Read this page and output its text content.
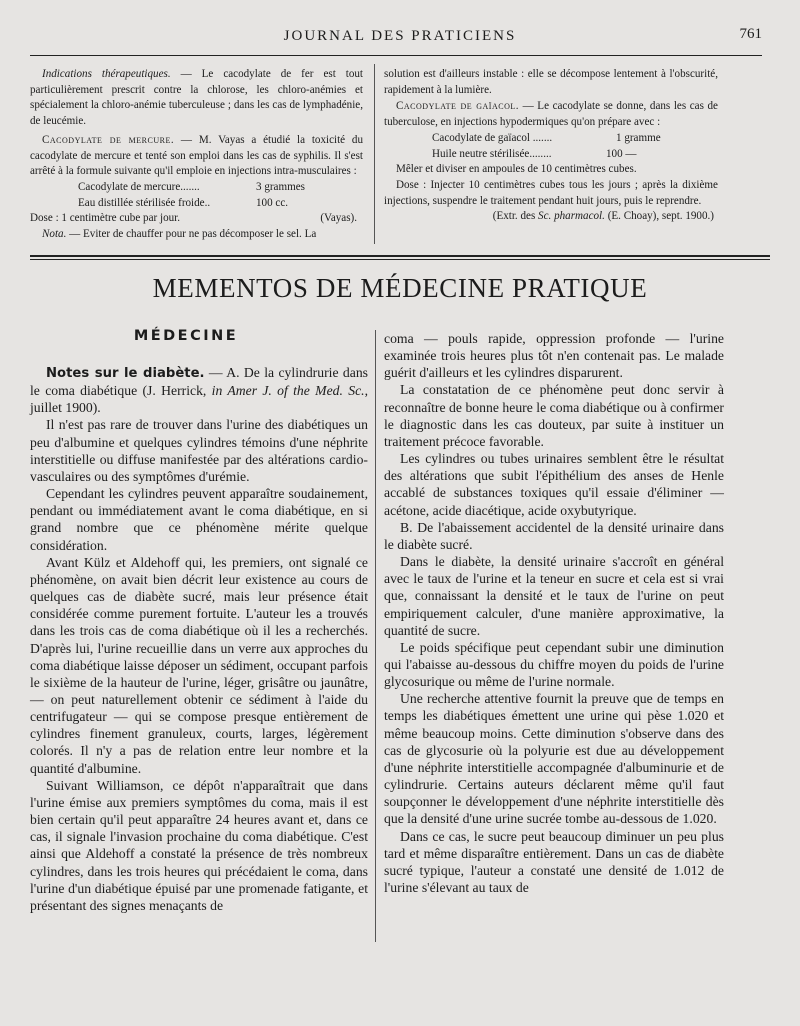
JOURNAL DES PRATICIENS	761

Indications thérapeutiques. — Le cacodylate de fer est tout particulièrement prescrit contre la chlorose, les chloro-anémies et spécialement la chloro-anémie tuberculeuse ; dans les cas de lymphadénie, de leucémie.

Cacodylate de mercure. — M. Vayas a étudié la toxicité du cacodylate de mercure et tenté son emploi dans les cas de syphilis. Il s'est arrêté à la formule suivante qu'il emploie en injections intra-musculaires :

Cacodylate de mercure.......	3 grammes
Eau distillée stérilisée froide..	100 cc.
Dose : 1 centimètre cube par jour.	(Vayas).

Nota. — Eviter de chauffer pour ne pas décomposer le sel. La

solution est d'ailleurs instable : elle se décompose lentement à l'obscurité, rapidement à la lumière.

Cacodylate de gaïacol. — Le cacodylate se donne, dans les cas de tuberculose, en injections hypodermiques qu'on prépare avec :

Cacodylate de gaïacol .......	1 gramme
Huile neutre stérilisée........	100 —

Mêler et diviser en ampoules de 10 centimètres cubes.

Dose : Injecter 10 centimètres cubes tous les jours ; après la dixième injections, suspendre le traitement pendant huit jours, puis le reprendre.

(Extr. des Sc. pharmacol. (E. Choay), sept. 1900.)

MEMENTOS DE MÉDECINE PRATIQUE
MÉDECINE

Notes sur le diabète. — A. De la cylindrurie dans le coma diabétique (J. Herrick, in Amer J. of the Med. Sc., juillet 1900).

Il n'est pas rare de trouver dans l'urine des diabétiques un peu d'albumine et quelques cylindres témoins d'une néphrite interstitielle ou diffuse manifestée par des altérations cardio-vasculaires ou des symptômes d'urémie.

Cependant les cylindres peuvent apparaître soudainement, pendant ou immédiatement avant le coma diabétique, en si grand nombre que ce phénomène mérite quelque considération.

Avant Külz et Aldehoff qui, les premiers, ont signalé ce phénomène, on avait bien décrit leur existence au cours de quelques cas de diabète sucré, mais leur présence était considérée comme purement fortuite. L'auteur les a trouvés dans les trois cas de coma diabétique où il les a recherchés. D'après lui, l'urine recueillie dans un verre aux approches du coma diabétique laisse déposer un sédiment, occupant parfois le sixième de la hauteur de l'urine, léger, grisâtre ou jaunâtre, — on peut naturellement obtenir ce sédiment à l'aide du centrifugateur — qui se compose presque entièrement de cylindres finement granuleux, courts, larges, légèrement colorés. Il n'y a pas de relation entre leur nombre et la quantité d'albumine.

Suivant Williamson, ce dépôt n'apparaîtrait que dans l'urine émise aux premiers symptômes du coma, mais il est bien certain qu'il peut apparaître 24 heures avant et, dans ce cas, il signale l'invasion prochaine du coma diabétique. C'est ainsi que Aldehoff a constaté la présence de très nombreux cylindres, dans les trois heures qui précédaient le coma, dans l'urine d'un diabétique épuisé par une promenade fatigante, et présentant des signes menaçants de

coma — pouls rapide, oppression profonde — l'urine examinée trois heures plus tôt n'en contenait pas. Le malade guérit d'ailleurs et les cylindres disparurent.

La constatation de ce phénomène peut donc servir à reconnaître de bonne heure le coma diabétique ou à confirmer le diagnostic dans les cas douteux, par suite à instituer un traitement précoce favorable.

Les cylindres ou tubes urinaires semblent être le résultat des altérations que subit l'épithélium des anses de Henle accablé de substances toxiques qu'il essaie d'éliminer — acétone, acide diacétique, acide oxybutyrique.

B. De l'abaissement accidentel de la densité urinaire dans le diabète sucré.

Dans le diabète, la densité urinaire s'accroît en général avec le taux de l'urine et la teneur en sucre et cela est si vrai que, connaissant la densité et le taux de l'urine on peut empiriquement calculer, d'une manière approximative, la quantité de sucre.

Le poids spécifique peut cependant subir une diminution qui l'abaisse au-dessous du chiffre moyen du poids de l'urine glycosurique ou même de l'urine normale.

Une recherche attentive fournit la preuve que de temps en temps les diabétiques émettent une urine qui pèse 1.020 et même beaucoup moins. Cette diminution s'observe dans des cas de glycosurie où la polyurie est due au développement d'une néphrite interstitielle accompagnée d'albuminurie et de cylindrurie. Certains auteurs déclarent même qu'il faut soupçonner le développement d'une néphrite interstitielle dès que la densité d'une urine sucrée tombe au-dessous de 1.020.

Dans ce cas, le sucre peut beaucoup diminuer un peu plus tard et même disparaître entièrement. Dans un cas de diabète sucré typique, l'auteur a constaté une densité de 1.012 de l'urine s'élevant au taux de
